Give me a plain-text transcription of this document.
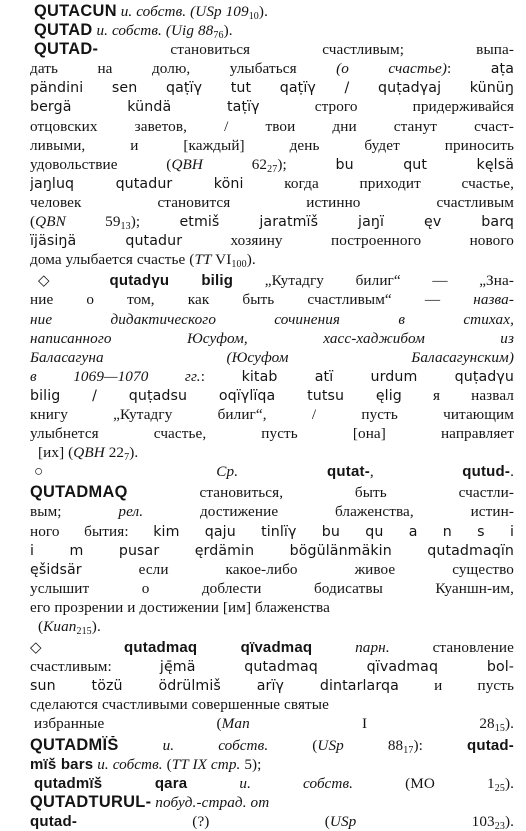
QUTACUN и. собств. (USp 10910).
QUTAD и. собств. (Uig 8876).
QUTAD- становиться счастливым; выпа-
дать на долю, улыбаться (о счастье): aṭa
pändini sen qaṭïγ tut qaṭïγ / quṭadγaj künüŋ
bergä kündä taṭïγ строго придерживайся
отцовских заветов, / твои дни станут счаст-
ливыми, и [каждый] день будет приносить
удовольствие (QBH 6227); bu qut kęlsä
jaŋluq qutadur köni когда приходит счастье,
человек становится истинно счастливым
(QBN 5913); etmiš jaratmïš jaŋï ęv barq
ïjäsiŋä qutadur хозяину построенного нового
дома улыбается счастье (TT VI100).
◇ qutadγu bilig „Кутадгу билиг“ — „Зна-
ние о том, как быть счастливым“ — назва-
ние дидактического сочинения в стихах,
написанного Юсуфом, хасс-хаджибом из
Баласагуна (Юсуфом Баласагунским)
в 1069—1070 гг.: kitab atï urdum quṭadγu
bilig / quṭadsu oqïγlïqa tutsu ęlig я назвал
книгу „Кутадгу билиг“, / пусть читающим
улыбнется счастье, пусть [она] направляет
[их] (QBH 227).
○ Ср. qutat-, qutud-.
QUTADMAQ становиться, быть счастли-
вым; рел. достижение блаженства, истин-
ного бытия: kim qaju tinlïγ bu qu a n s i
i m pusar ęrdämin bögülänmäkin qutadmaqïn
ęšidsär если какое-либо живое существо
услышит о доблести бодисатвы Куаншн-им,
его прозрении и достижении [им] блаженства
(Kuan215).
◇ qutadmaq qïvadmaq парн. становление
счастливым: ję̄mä qutadmaq qïvadmaq bol-
sun tözü ödrülmiš arïγ dintarlarqa и пусть
сделаются счастливыми совершенные святые
избранные (Man I 2815).
QUTADMÏŠ и. собств. (USp 8817): qutad-
mïš bars и. собств. (TT IX стр. 5);
qutadmïš qara и. собств. (МО 125).
QUTADTURUL- побуд.-страд. от
qutad- (?) (USp 10323).
